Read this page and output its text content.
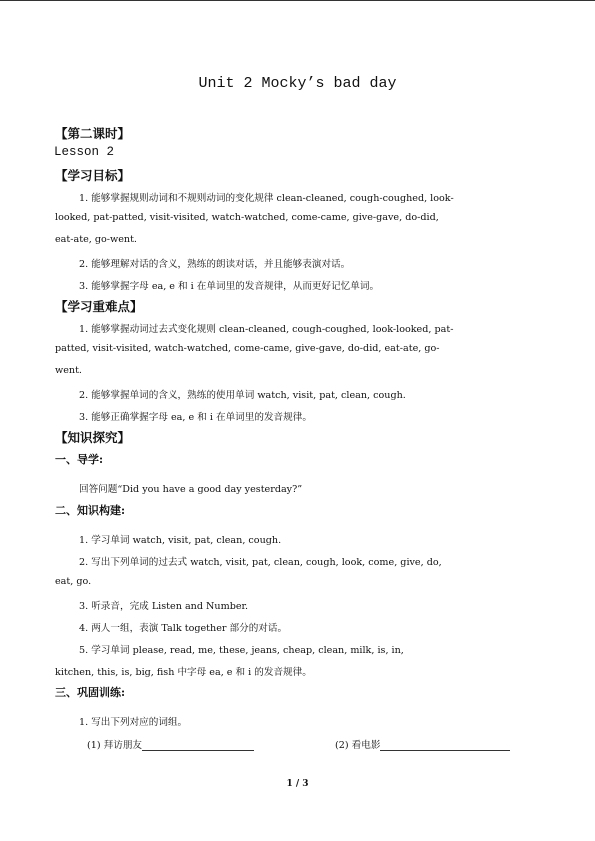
Unit 2 Mocky’s bad day
【第二课时】
Lesson 2
【学习目标】
1. 能够掌握规则动词和不规则动词的变化规律 clean-cleaned, cough-coughed, look-
looked, pat-patted, visit-visited, watch-watched, come-came, give-gave, do-did,
eat-ate, go-went.
2. 能够理解对话的含义，熟练的朗读对话，并且能够表演对话。
3. 能够掌握字母 ea, e 和 i 在单词里的发音规律，从而更好记忆单词。
【学习重难点】
1. 能够掌握动词过去式变化规则 clean-cleaned, cough-coughed, look-looked, pat-
patted, visit-visited, watch-watched, come-came, give-gave, do-did, eat-ate, go-
went.
2. 能够掌握单词的含义，熟练的使用单词 watch, visit, pat, clean, cough.
3. 能够正确掌握字母 ea, e 和 i 在单词里的发音规律。
【知识探究】
一、导学:
回答问题“Did you have a good day yesterday?”
二、知识构建:
1. 学习单词 watch, visit, pat, clean, cough.
2. 写出下列单词的过去式 watch, visit, pat, clean, cough, look, come, give, do,
eat, go.
3. 听录音，完成 Listen and Number.
4. 两人一组，表演 Talk together 部分的对话。
5. 学习单词 please, read, me, these, jeans, cheap, clean, milk, is, in,
kitchen, this, is, big, fish 中字母 ea, e 和 i 的发音规律。
三、巩固训练:
1. 写出下列对应的词组。
(1) 拜访朋友	(2) 看电影
1 / 3
